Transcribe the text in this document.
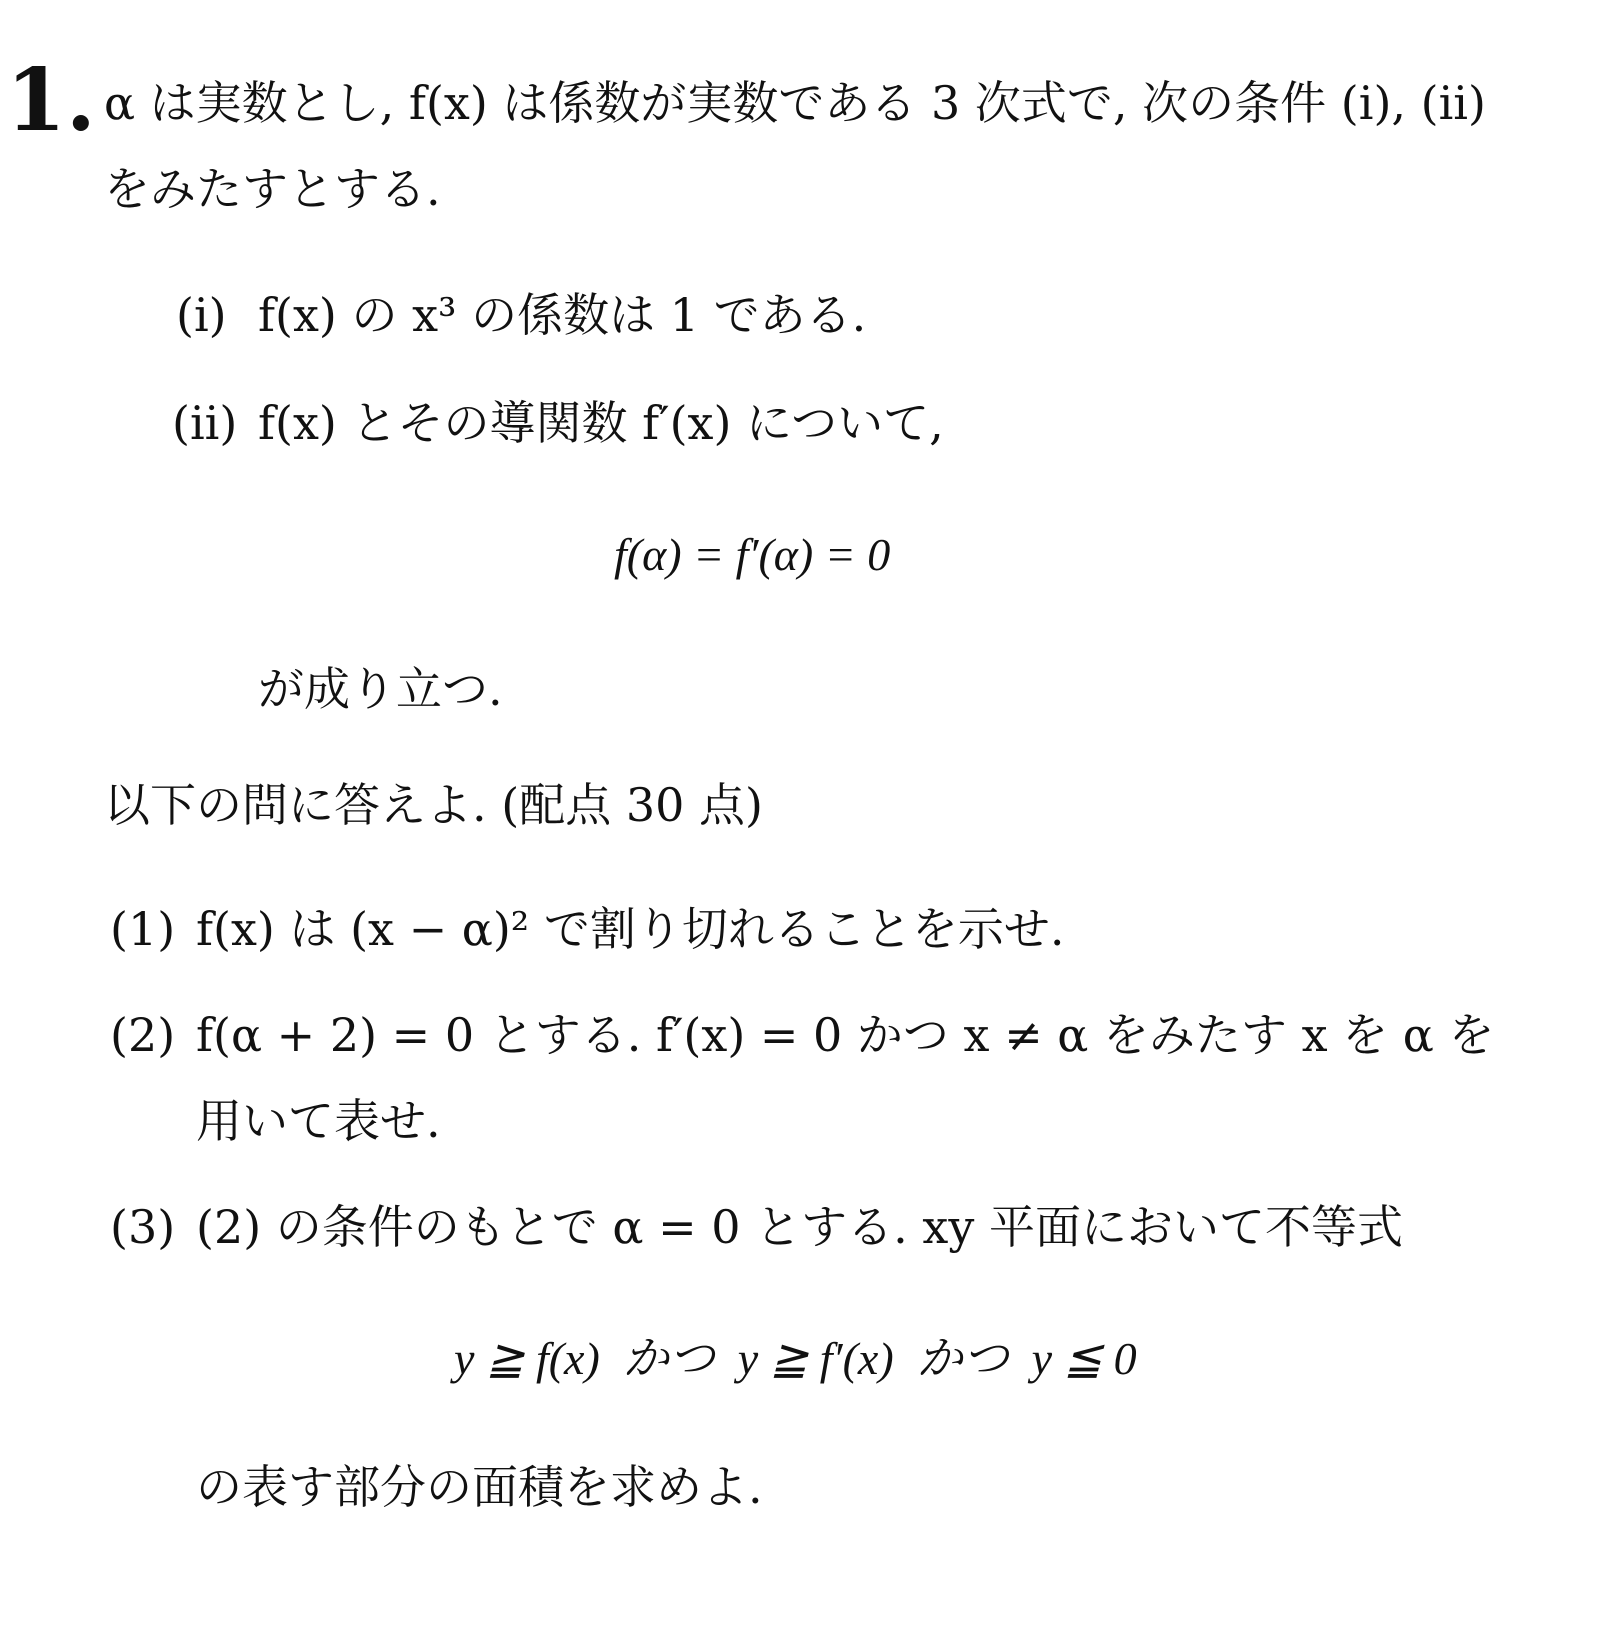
1. α は実数とし, f(x) は係数が実数である 3 次式で, 次の条件 (i), (ii)
をみたすとする.
(i) f(x) の x³ の係数は 1 である.
(ii) f(x) とその導関数 f′(x) について,
f(α) = f′(α) = 0
が成り立つ.
以下の問に答えよ. (配点 30 点)
(1) f(x) は (x − α)² で割り切れることを示せ.
(2) f(α + 2) = 0 とする. f′(x) = 0 かつ x ≠ α をみたす x を α を
用いて表せ.
(3) (2) の条件のもとで α = 0 とする. xy 平面において不等式
y ≧ f(x)  かつ  y ≧ f′(x)  かつ  y ≦ 0
の表す部分の面積を求めよ.
